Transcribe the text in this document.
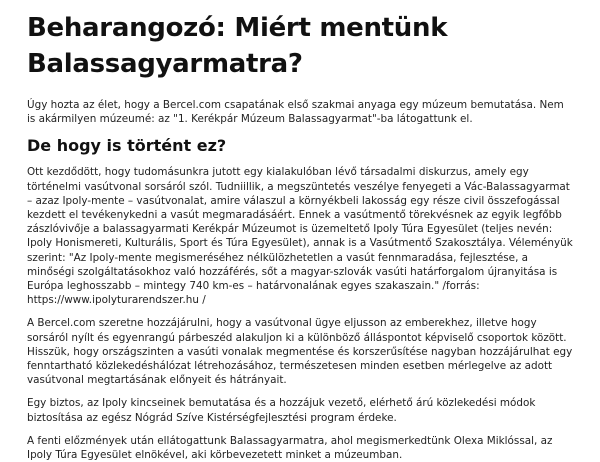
Beharangozó: Miért mentünk Balassagyarmatra?

Úgy hozta az élet, hogy a Bercel.com csapatának első szakmai anyaga egy múzeum bemutatása. Nem is akármilyen múzeumé: az "1. Kerékpár Múzeum Balassagyarmat"-ba látogattunk el.

De hogy is történt ez?

Ott kezdődött, hogy tudomásunkra jutott egy kialakulóban lévő társadalmi diskurzus, amely egy történelmi vasútvonal sorsáról szól. Tudniillik, a megszüntetés veszélye fenyegeti a Vác-Balassagyarmat – azaz Ipoly-mente – vasútvonalat, amire válaszul a környékbeli lakosság egy része civil összefogással kezdett el tevékenykedni a vasút megmaradásáért. Ennek a vasútmentő törekvésnek az egyik legfőbb zászlóvivője a balassagyarmati Kerékpár Múzeumot is üzemeltető Ipoly Túra Egyesület (teljes nevén: Ipoly Honismereti, Kulturális, Sport és Túra Egyesület), annak is a Vasútmentő Szakosztálya. Véleményük szerint: "Az Ipoly-mente megismeréséhez nélkülözhetetlen a vasút fennmaradása, fejlesztése, a minőségi szolgáltatásokhoz való hozzáférés, sőt a magyar-szlovák vasúti határforgalom újranyitása is Európa leghosszabb – mintegy 740 km-es – határvonalának egyes szakaszain." /forrás: https://www.ipolyturarendszer.hu /

A Bercel.com szeretne hozzájárulni, hogy a vasútvonal ügye eljusson az emberekhez, illetve hogy sorsáról nyílt és egyenrangú párbeszéd alakuljon ki a különböző álláspontot képviselő csoportok között. Hisszük, hogy országszinten a vasúti vonalak megmentése és korszerűsítése nagyban hozzájárulhat egy fenntartható közlekedéshálózat létrehozásához, természetesen minden esetben mérlegelve az adott vasútvonal megtartásának előnyeit és hátrányait.

Egy biztos, az Ipoly kincseinek bemutatása és a hozzájuk vezető, elérhető árú közlekedési módok biztosítása az egész Nógrád Szíve Kistérségfejlesztési program érdeke.

A fenti előzmények után ellátogattunk Balassagyarmatra, ahol megismerkedtünk Olexa Miklóssal, az Ipoly Túra Egyesület elnökével, aki körbevezetett minket a múzeumban.
